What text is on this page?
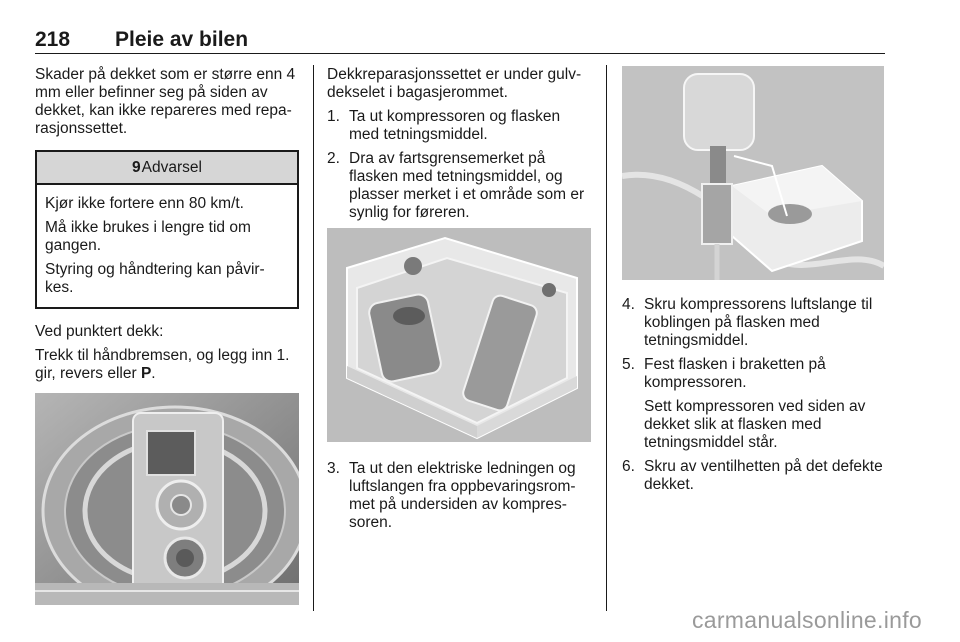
218 Pleie av bilen

Skader på dekket som er større enn 4 mm eller befinner seg på siden av dekket, kan ikke repareres med repa-rasjonssettet.

9Advarsel

Kjør ikke fortere enn 80 km/t.

Må ikke brukes i lengre tid om gangen.

Styring og håndtering kan påvir-kes.

Ved punktert dekk:

Trekk til håndbremsen, og legg inn 1. gir, revers eller P.

Dekkreparasjonssettet er under gulv-dekselet i bagasjerommet.

1. Ta ut kompressoren og flasken med tetningsmiddel.
2. Dra av fartsgrensemerket på flasken med tetningsmiddel, og plasser merket i et område som er synlig for føreren.
3. Ta ut den elektriske ledningen og luftslangen fra oppbevaringsrom-met på undersiden av kompres-soren.
4. Skru kompressorens luftslange til koblingen på flasken med tetningsmiddel.
5. Fest flasken i braketten på kompressoren.

Sett kompressoren ved siden av dekket slik at flasken med tetningsmiddel står.

6. Skru av ventilhetten på det defekte dekket.
carmanualsonline.info
